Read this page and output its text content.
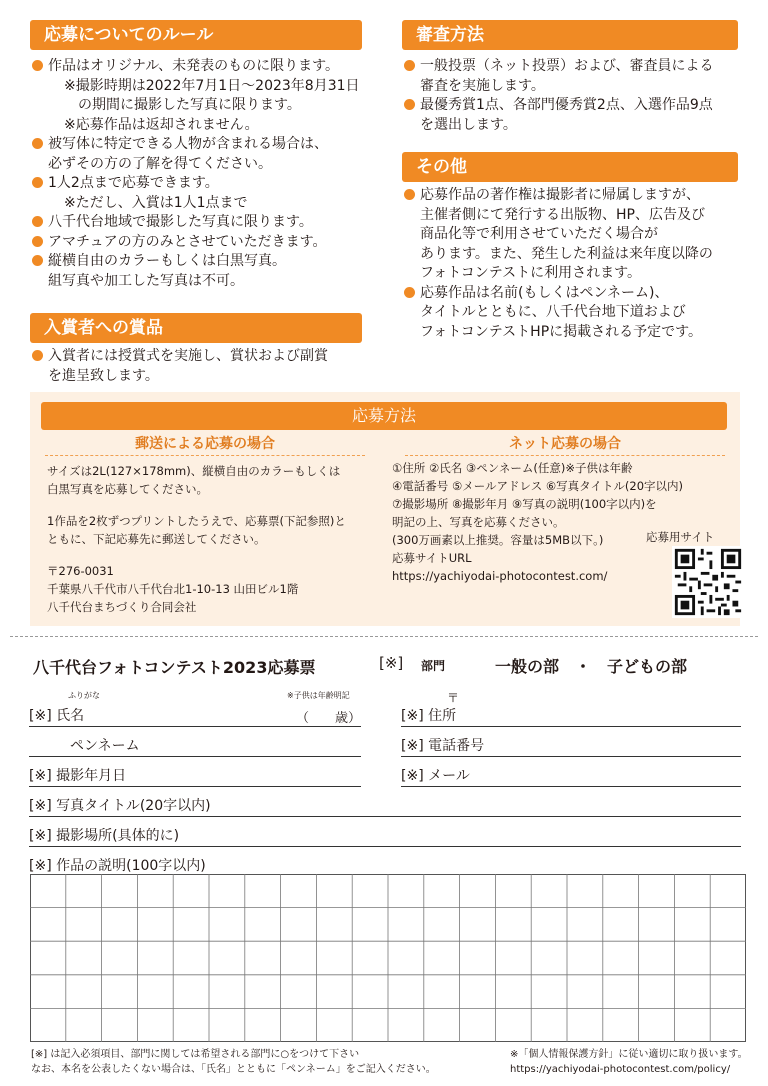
応募についてのルール

作品はオリジナル、未発表のものに限ります。

※撮影時期は2022年7月1日〜2023年8月31日

　の期間に撮影した写真に限ります。

※応募作品は返却されません。

被写体に特定できる人物が含まれる場合は、

必ずその方の了解を得てください。

1人2点まで応募できます。

※ただし、入賞は1人1点まで

八千代台地域で撮影した写真に限ります。

アマチュアの方のみとさせていただきます。

縦横自由のカラーもしくは白黒写真。

組写真や加工した写真は不可。

入賞者への賞品

入賞者には授賞式を実施し、賞状および副賞

を進呈致します。

審査方法

一般投票（ネット投票）および、審査員による

審査を実施します。

最優秀賞1点、各部門優秀賞2点、入選作品9点

を選出します。

その他

応募作品の著作権は撮影者に帰属しますが、

主催者側にて発行する出版物、HP、広告及び

商品化等で利用させていただく場合が

あります。また、発生した利益は来年度以降の

フォトコンテストに利用されます。

応募作品は名前(もしくはペンネーム)、

タイトルとともに、八千代台地下道および

フォトコンテストHPに掲載される予定です。

応募方法
郵送による応募の場合

サイズは2L(127×178mm)、縦横自由のカラーもしくは

白黒写真を応募してください。

1作品を2枚ずつプリントしたうえで、応募票(下記参照)と

ともに、下記応募先に郵送してください。

〒276-0031

千葉県八千代市八千代台北1-10-13 山田ビル1階

八千代台まちづくり合同会社

ネット応募の場合

①住所 ②氏名 ③ペンネーム(任意)※子供は年齢

④電話番号 ⑤メールアドレス ⑥写真タイトル(20字以内)

⑦撮影場所 ⑧撮影年月 ⑨写真の説明(100字以内)を

明記の上、写真を応募ください。

(300万画素以上推奨。容量は5MB以下。)

応募サイトURL

https://yachiyodai-photocontest.com/

応募用サイト
八千代台フォトコンテスト2023応募票	[※] 部門	一般の部　・　子どもの部
ふりがな	※子供は年齢明記
（　　歳）
〒
[※] 氏名
ペンネーム
[※] 撮影年月日
[※] 住所
[※] 電話番号
[※] メール
[※] 写真タイトル(20字以内)
[※] 撮影場所(具体的に)
[※] 作品の説明(100字以内)
[※] は記入必須項目、部門に関しては希望される部門に○をつけて下さい
なお、本名を公表したくない場合は、「氏名」とともに「ペンネーム」をご記入ください。
※「個人情報保護方針」に従い適切に取り扱います。
https://yachiyodai-photocontest.com/policy/
